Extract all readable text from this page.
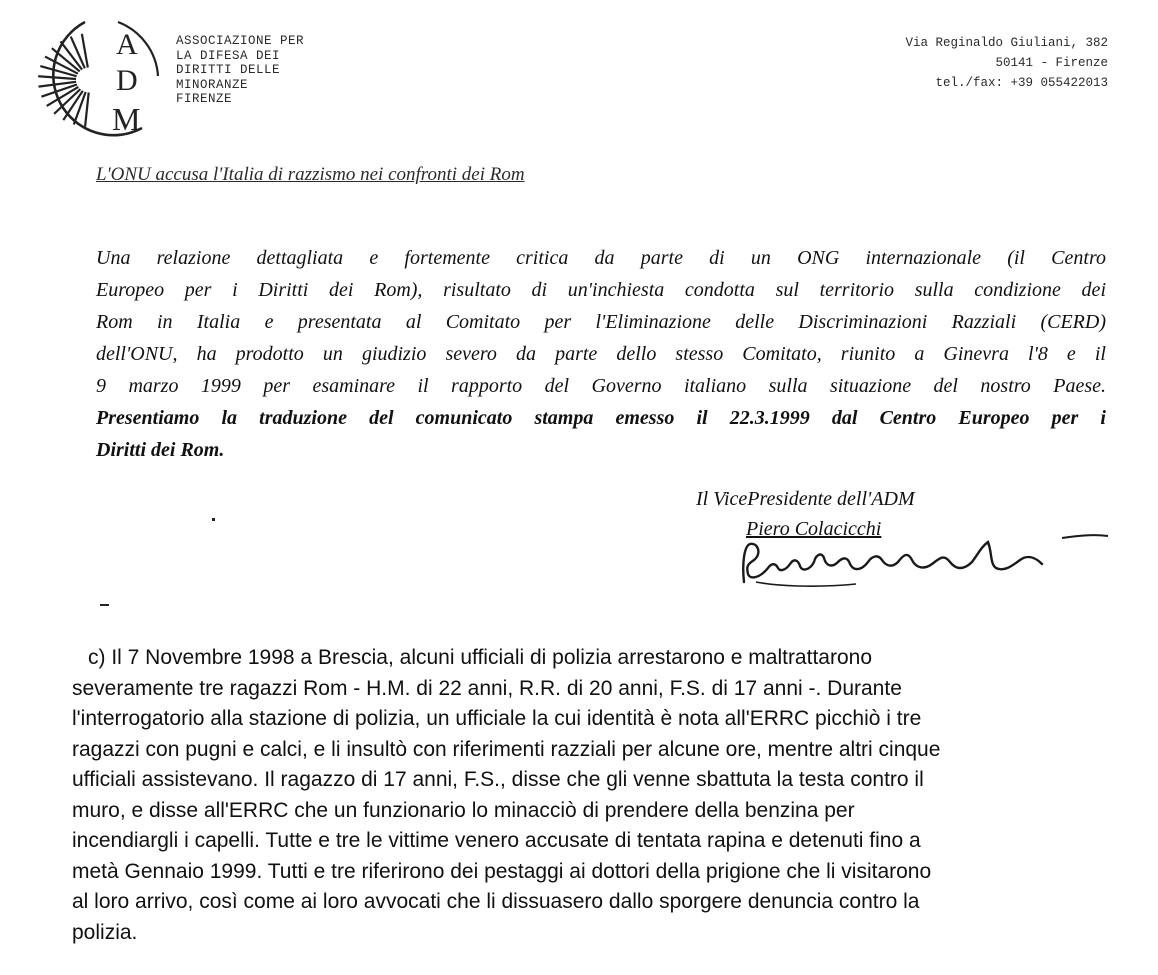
A
D
M
ASSOCIAZIONE PER
LA DIFESA DEI
DIRITTI DELLE
MINORANZE
FIRENZE
Via Reginaldo Giuliani, 382
50141 - Firenze
tel./fax: +39 055422013
L'ONU accusa l'Italia di razzismo nei confronti dei Rom
Una relazione dettagliata e fortemente critica da parte di un ONG internazionale (il Centro
Europeo per i Diritti dei Rom), risultato di un'inchiesta condotta sul territorio sulla condizione dei
Rom in Italia e presentata al Comitato per l'Eliminazione delle Discriminazioni Razziali (CERD)
dell'ONU, ha prodotto un giudizio severo da parte dello stesso Comitato, riunito a Ginevra l'8 e il
9 marzo 1999 per esaminare il rapporto del Governo italiano sulla situazione del nostro Paese.
Presentiamo la traduzione del comunicato stampa emesso il 22.3.1999 dal Centro Europeo per i
Diritti dei Rom.
Il VicePresidente dell'ADM
Piero Colacicchi
c) Il 7 Novembre 1998 a Brescia, alcuni ufficiali di polizia arrestarono e maltrattarono
severamente tre ragazzi Rom - H.M. di 22 anni, R.R. di 20 anni, F.S. di 17 anni -. Durante
l'interrogatorio alla stazione di polizia, un ufficiale la cui identità è nota all'ERRC picchiò i tre
ragazzi con pugni e calci, e li insultò con riferimenti razziali per alcune ore, mentre altri cinque
ufficiali assistevano. Il ragazzo di 17 anni, F.S., disse che gli venne sbattuta la testa contro il
muro, e disse all'ERRC che un funzionario lo minacciò di prendere della benzina per
incendiargli i capelli. Tutte e tre le vittime venero accusate di tentata rapina e detenuti fino a
metà Gennaio 1999. Tutti e tre riferirono dei pestaggi ai dottori della prigione che li visitarono
al loro arrivo, così come ai loro avvocati che li dissuasero dallo sporgere denuncia contro la
polizia.
